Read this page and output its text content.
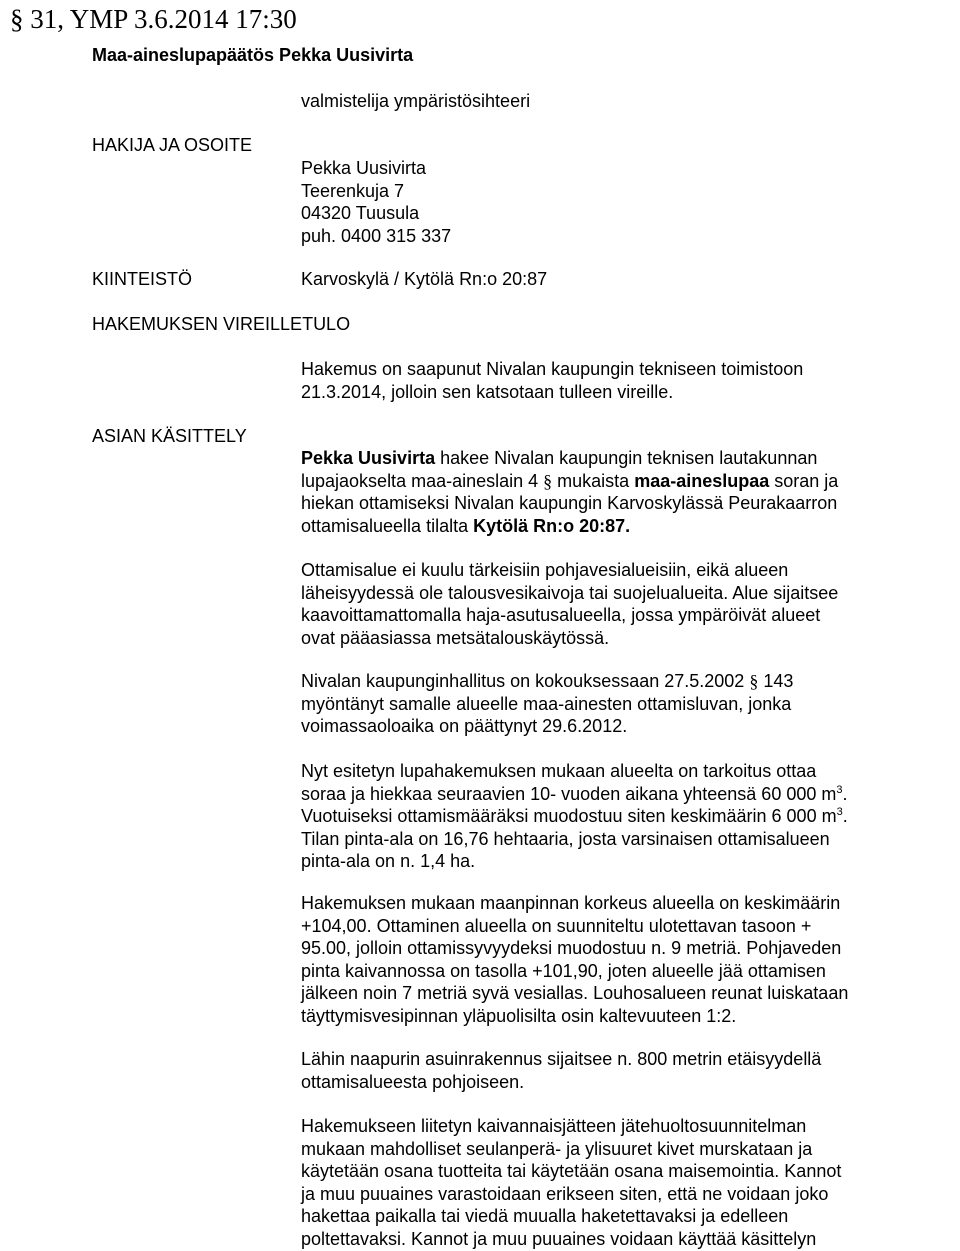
§ 31, YMP 3.6.2014 17:30
Maa-aineslupapäätös Pekka Uusivirta
valmistelija ympäristösihteeri
HAKIJA JA OSOITE
Pekka Uusivirta
Teerenkuja 7
04320 Tuusula
puh. 0400 315 337
KIINTEISTÖ	Karvoskylä / Kytölä Rn:o 20:87
HAKEMUKSEN VIREILLETULO
Hakemus on saapunut Nivalan kaupungin tekniseen toimistoon
21.3.2014, jolloin sen katsotaan tulleen vireille.
ASIAN KÄSITTELY
Pekka Uusivirta hakee Nivalan kaupungin teknisen lautakunnan
lupajaokselta maa-aineslain 4 § mukaista maa-aineslupaa soran ja
hiekan ottamiseksi Nivalan kaupungin Karvoskylässä Peurakaarron
ottamisalueella tilalta Kytölä Rn:o 20:87.
Ottamisalue ei kuulu tärkeisiin pohjavesialueisiin, eikä alueen
läheisyydessä ole talousvesikaivoja tai suojelualueita. Alue sijaitsee
kaavoittamattomalla haja-asutusalueella, jossa ympäröivät alueet
ovat pääasiassa metsätalouskäytössä.
Nivalan kaupunginhallitus on kokouksessaan 27.5.2002 § 143
myöntänyt samalle alueelle maa-ainesten ottamisluvan, jonka
voimassaoloaika on päättynyt 29.6.2012.
Nyt esitetyn lupahakemuksen mukaan alueelta on tarkoitus ottaa
soraa ja hiekkaa seuraavien 10- vuoden aikana yhteensä 60 000 $m^3$.
Vuotuiseksi ottamismääräksi muodostuu siten keskimäärin 6 000 $m^3$.
Tilan pinta-ala on 16,76 hehtaaria, josta varsinaisen ottamisalueen
pinta-ala on n. 1,4 ha.
Hakemuksen mukaan maanpinnan korkeus alueella on keskimäärin
+104,00. Ottaminen alueella on suunniteltu ulotettavan tasoon +
95.00, jolloin ottamissyvyydeksi muodostuu n. 9 metriä. Pohjaveden
pinta kaivannossa on tasolla +101,90, joten alueelle jää ottamisen
jälkeen noin 7 metriä syvä vesiallas. Louhosalueen reunat luiskataan
täyttymisvesipinnan yläpuolisilta osin kaltevuuteen 1:2.
Lähin naapurin asuinrakennus sijaitsee n. 800 metrin etäisyydellä
ottamisalueesta pohjoiseen.
Hakemukseen liitetyn kaivannaisjätteen jätehuoltosuunnitelman
mukaan mahdolliset seulanperä- ja ylisuuret kivet murskataan ja
käytetään osana tuotteita tai käytetään osana maisemointia. Kannot
ja muu puuaines varastoidaan erikseen siten, että ne voidaan joko
hakettaa paikalla tai viedä muualla haketettavaksi ja edelleen
poltettavaksi. Kannot ja muu puuaines voidaan käyttää käsittelyn
